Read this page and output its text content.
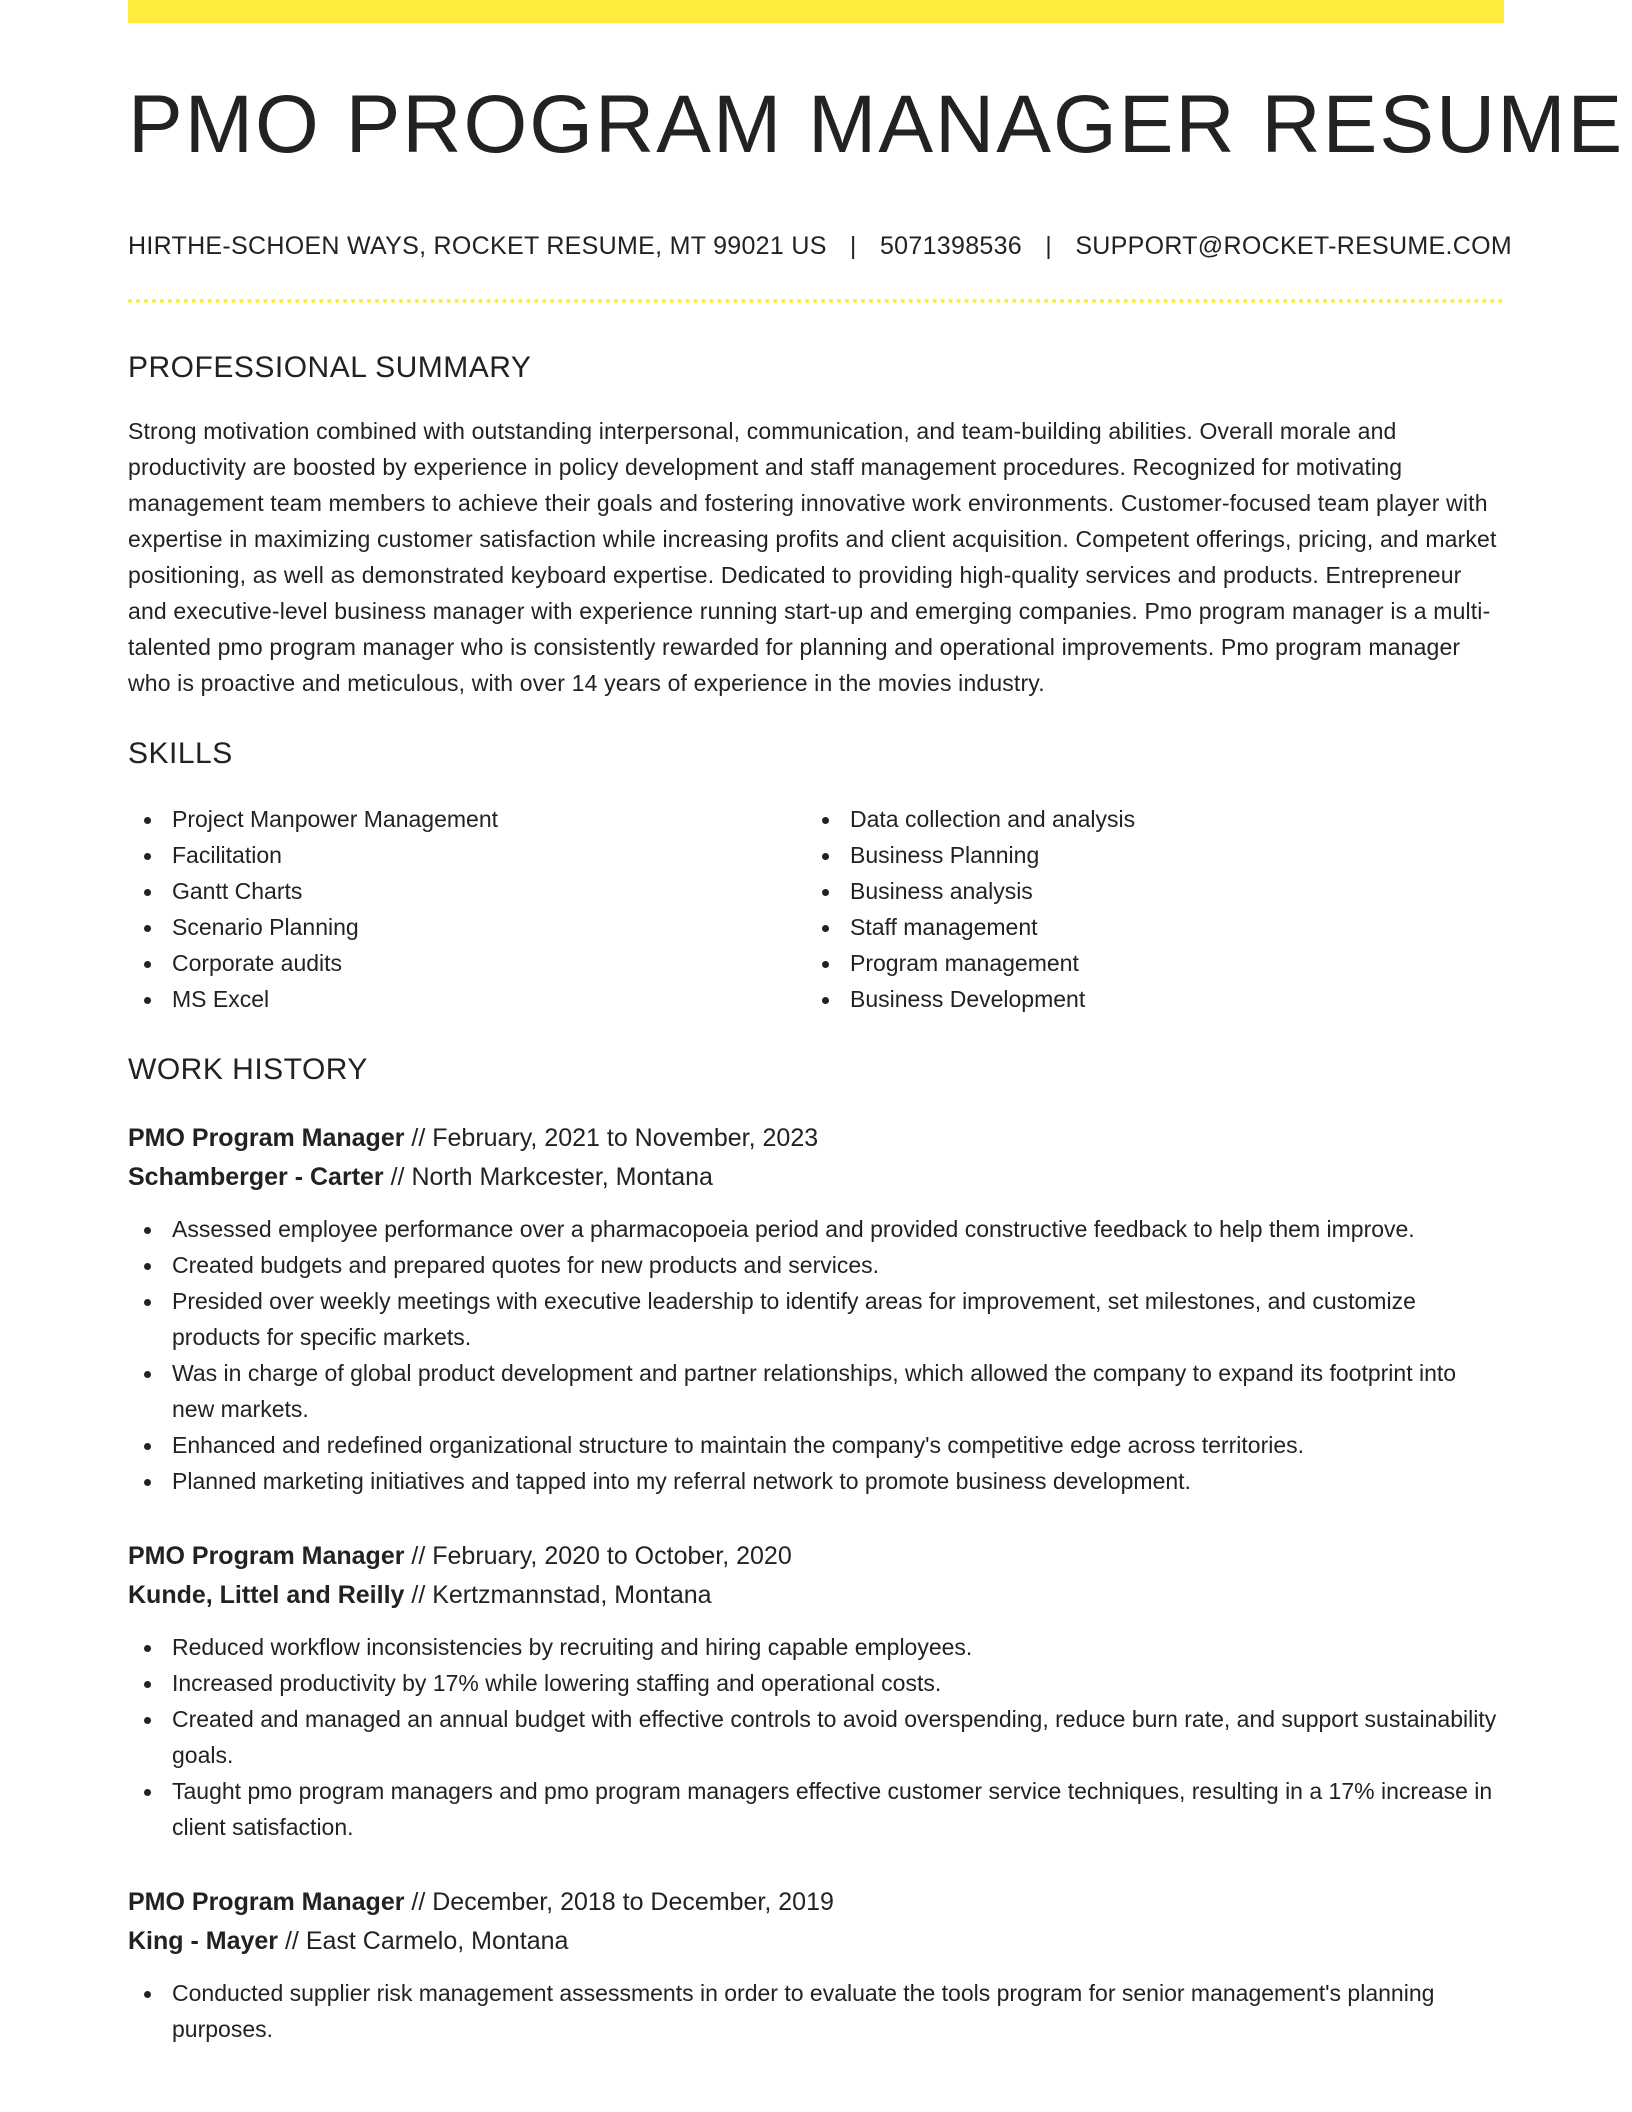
PMO PROGRAM MANAGER RESUME
HIRTHE-SCHOEN WAYS, ROCKET RESUME, MT 99021 US | 5071398536 | SUPPORT@ROCKET-RESUME.COM
PROFESSIONAL SUMMARY

Strong motivation combined with outstanding interpersonal, communication, and team-building abilities. Overall morale and productivity are boosted by experience in policy development and staff management procedures. Recognized for motivating management team members to achieve their goals and fostering innovative work environments. Customer-focused team player with expertise in maximizing customer satisfaction while increasing profits and client acquisition. Competent offerings, pricing, and market positioning, as well as demonstrated keyboard expertise. Dedicated to providing high-quality services and products. Entrepreneur and executive-level business manager with experience running start-up and emerging companies. Pmo program manager is a multi-talented pmo program manager who is consistently rewarded for planning and operational improvements. Pmo program manager who is proactive and meticulous, with over 14 years of experience in the movies industry.

SKILLS
Project Manpower Management
Facilitation
Gantt Charts
Scenario Planning
Corporate audits
MS Excel
Data collection and analysis
Business Planning
Business analysis
Staff management
Program management
Business Development
WORK HISTORY
PMO Program Manager // February, 2021 to November, 2023
Schamberger - Carter // North Markcester, Montana
Assessed employee performance over a pharmacopoeia period and provided constructive feedback to help them improve.
Created budgets and prepared quotes for new products and services.
Presided over weekly meetings with executive leadership to identify areas for improvement, set milestones, and customize products for specific markets.
Was in charge of global product development and partner relationships, which allowed the company to expand its footprint into new markets.
Enhanced and redefined organizational structure to maintain the company's competitive edge across territories.
Planned marketing initiatives and tapped into my referral network to promote business development.
PMO Program Manager // February, 2020 to October, 2020
Kunde, Littel and Reilly // Kertzmannstad, Montana
Reduced workflow inconsistencies by recruiting and hiring capable employees.
Increased productivity by 17% while lowering staffing and operational costs.
Created and managed an annual budget with effective controls to avoid overspending, reduce burn rate, and support sustainability goals.
Taught pmo program managers and pmo program managers effective customer service techniques, resulting in a 17% increase in client satisfaction.
PMO Program Manager // December, 2018 to December, 2019
King - Mayer // East Carmelo, Montana
Conducted supplier risk management assessments in order to evaluate the tools program for senior management's planning purposes.
